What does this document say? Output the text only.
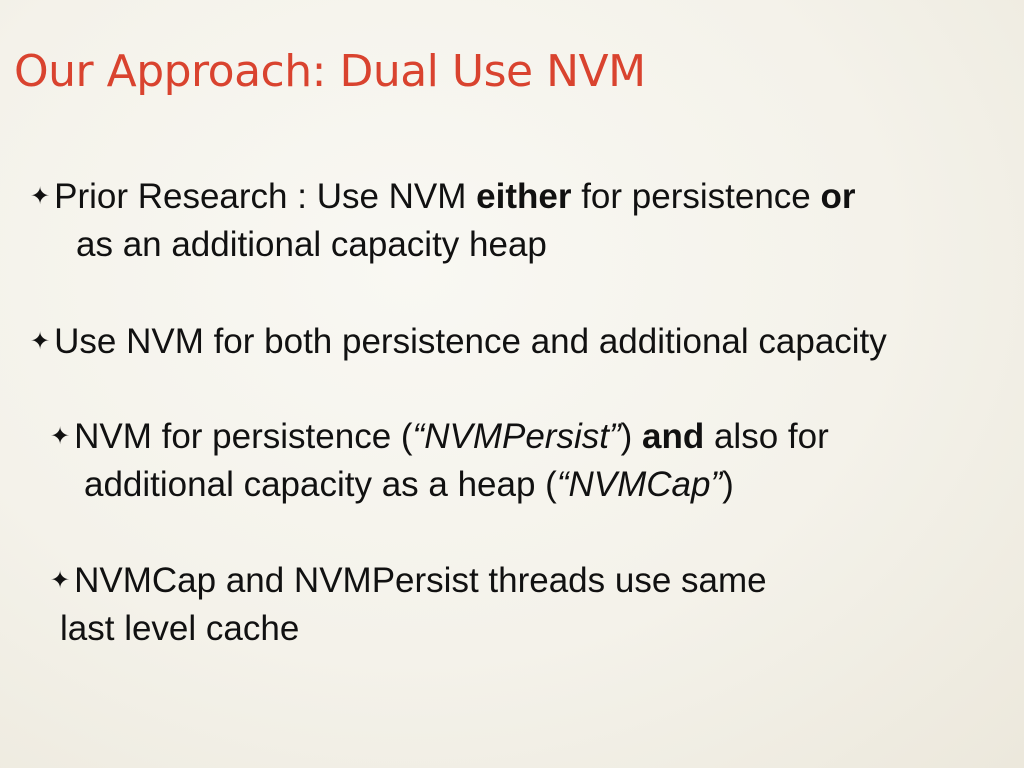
Our Approach: Dual Use NVM
✦ Prior Research : Use NVM either for persistence or
as an additional capacity heap
✦ Use NVM for both persistence and additional capacity
✦ NVM for persistence (“NVMPersist”) and also for
additional capacity as a heap (“NVMCap”)
✦ NVMCap and NVMPersist threads use same
last level cache
